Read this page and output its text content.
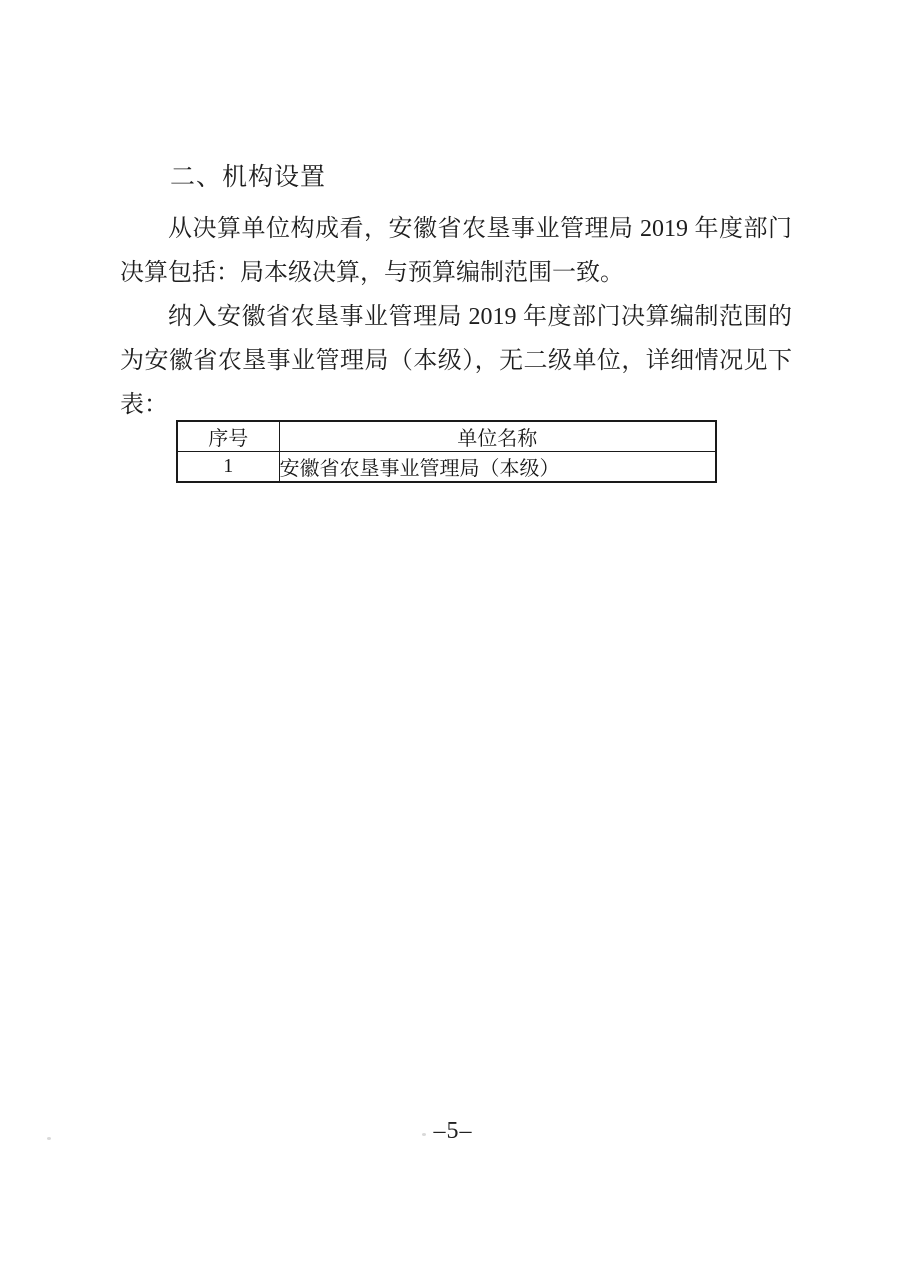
二、机构设置
从决算单位构成看，安徽省农垦事业管理局 2019 年度部门
决算包括：局本级决算，与预算编制范围一致。
纳入安徽省农垦事业管理局 2019 年度部门决算编制范围的
为安徽省农垦事业管理局（本级），无二级单位，详细情况见下
表：
序号	单位名称
1	安徽省农垦事业管理局（本级）
–5–
